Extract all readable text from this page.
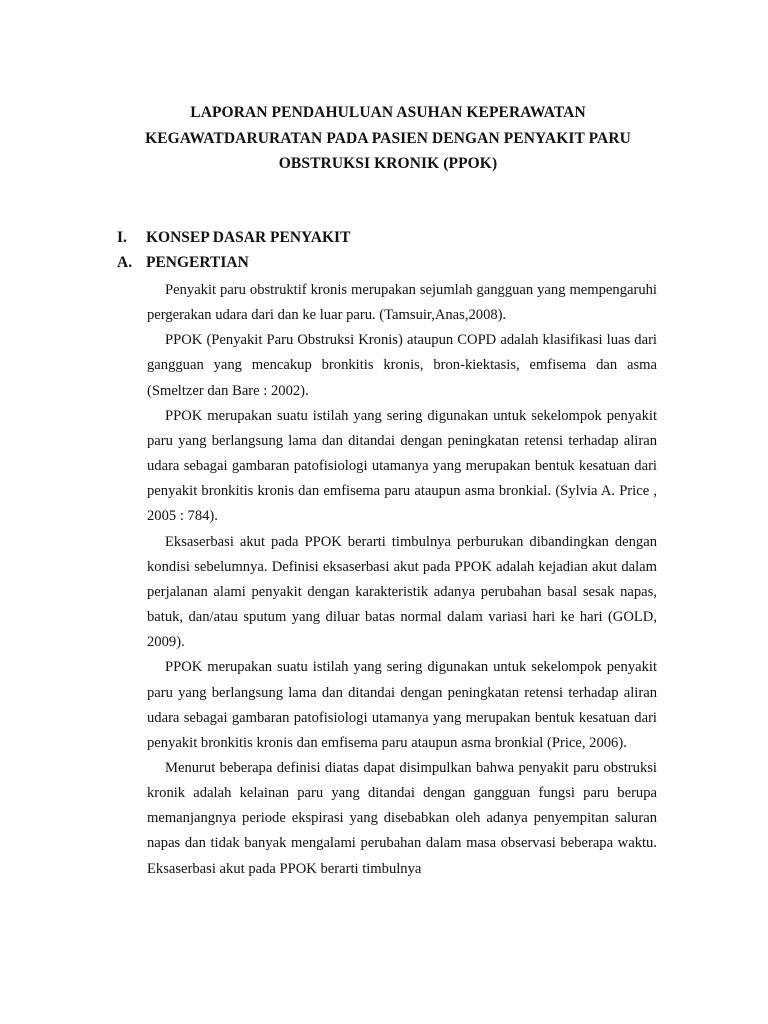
LAPORAN PENDAHULUAN ASUHAN KEPERAWATAN
KEGAWATDARURATAN PADA PASIEN DENGAN PENYAKIT PARU
OBSTRUKSI KRONIK (PPOK)
I. KONSEP DASAR PENYAKIT
A. PENGERTIAN

Penyakit paru obstruktif kronis merupakan sejumlah gangguan yang mempengaruhi pergerakan udara dari dan ke luar paru. (Tamsuir,Anas,2008).

PPOK (Penyakit Paru Obstruksi Kronis) ataupun COPD adalah klasifikasi luas dari gangguan yang mencakup bronkitis kronis, bron-kiektasis, emfisema dan asma (Smeltzer dan Bare : 2002).

PPOK merupakan suatu istilah yang sering digunakan untuk sekelompok penyakit paru yang berlangsung lama dan ditandai dengan peningkatan retensi terhadap aliran udara sebagai gambaran patofisiologi utamanya yang merupakan bentuk kesatuan dari penyakit bronkitis kronis dan emfisema paru ataupun asma bronkial. (Sylvia A. Price , 2005 : 784).

Eksaserbasi akut pada PPOK berarti timbulnya perburukan dibandingkan dengan kondisi sebelumnya. Definisi eksaserbasi akut pada PPOK adalah kejadian akut dalam perjalanan alami penyakit dengan karakteristik adanya perubahan basal sesak napas, batuk, dan/atau sputum yang diluar batas normal dalam variasi hari ke hari (GOLD, 2009).

PPOK merupakan suatu istilah yang sering digunakan untuk sekelompok penyakit paru yang berlangsung lama dan ditandai dengan peningkatan retensi terhadap aliran udara sebagai gambaran patofisiologi utamanya yang merupakan bentuk kesatuan dari penyakit bronkitis kronis dan emfisema paru ataupun asma bronkial (Price, 2006).

Menurut beberapa definisi diatas dapat disimpulkan bahwa penyakit paru obstruksi kronik adalah kelainan paru yang ditandai dengan gangguan fungsi paru berupa memanjangnya periode ekspirasi yang disebabkan oleh adanya penyempitan saluran napas dan tidak banyak mengalami perubahan dalam masa observasi beberapa waktu. Eksaserbasi akut pada PPOK berarti timbulnya
